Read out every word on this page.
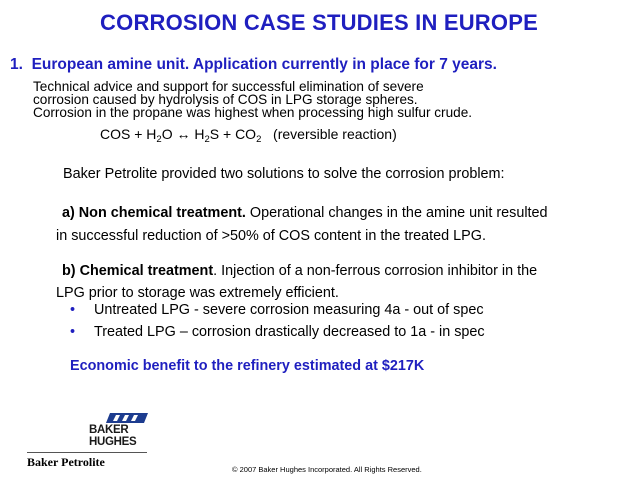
CORROSION CASE STUDIES IN EUROPE
1. European amine unit. Application currently in place for 7 years.
Technical advice and support for successful elimination of severe
corrosion caused by hydrolysis of COS in LPG storage spheres.
Corrosion in the propane was highest when processing high sulfur crude.
COS + $H_2O$ ↔ $H_2S + CO_2$ (reversible reaction)
Baker Petrolite provided two solutions to solve the corrosion problem:
a) Non chemical treatment. Operational changes in the amine unit resulted
in successful reduction of >50% of COS content in the treated LPG.
b) Chemical treatment. Injection of a non-ferrous corrosion inhibitor in the
LPG prior to storage was extremely efficient.
• Untreated LPG - severe corrosion measuring 4a - out of spec
• Treated LPG – corrosion drastically decreased to 1a - in spec
Economic benefit to the refinery estimated at $217K
BAKER
HUGHES
Baker Petrolite
© 2007 Baker Hughes Incorporated. All Rights Reserved.
